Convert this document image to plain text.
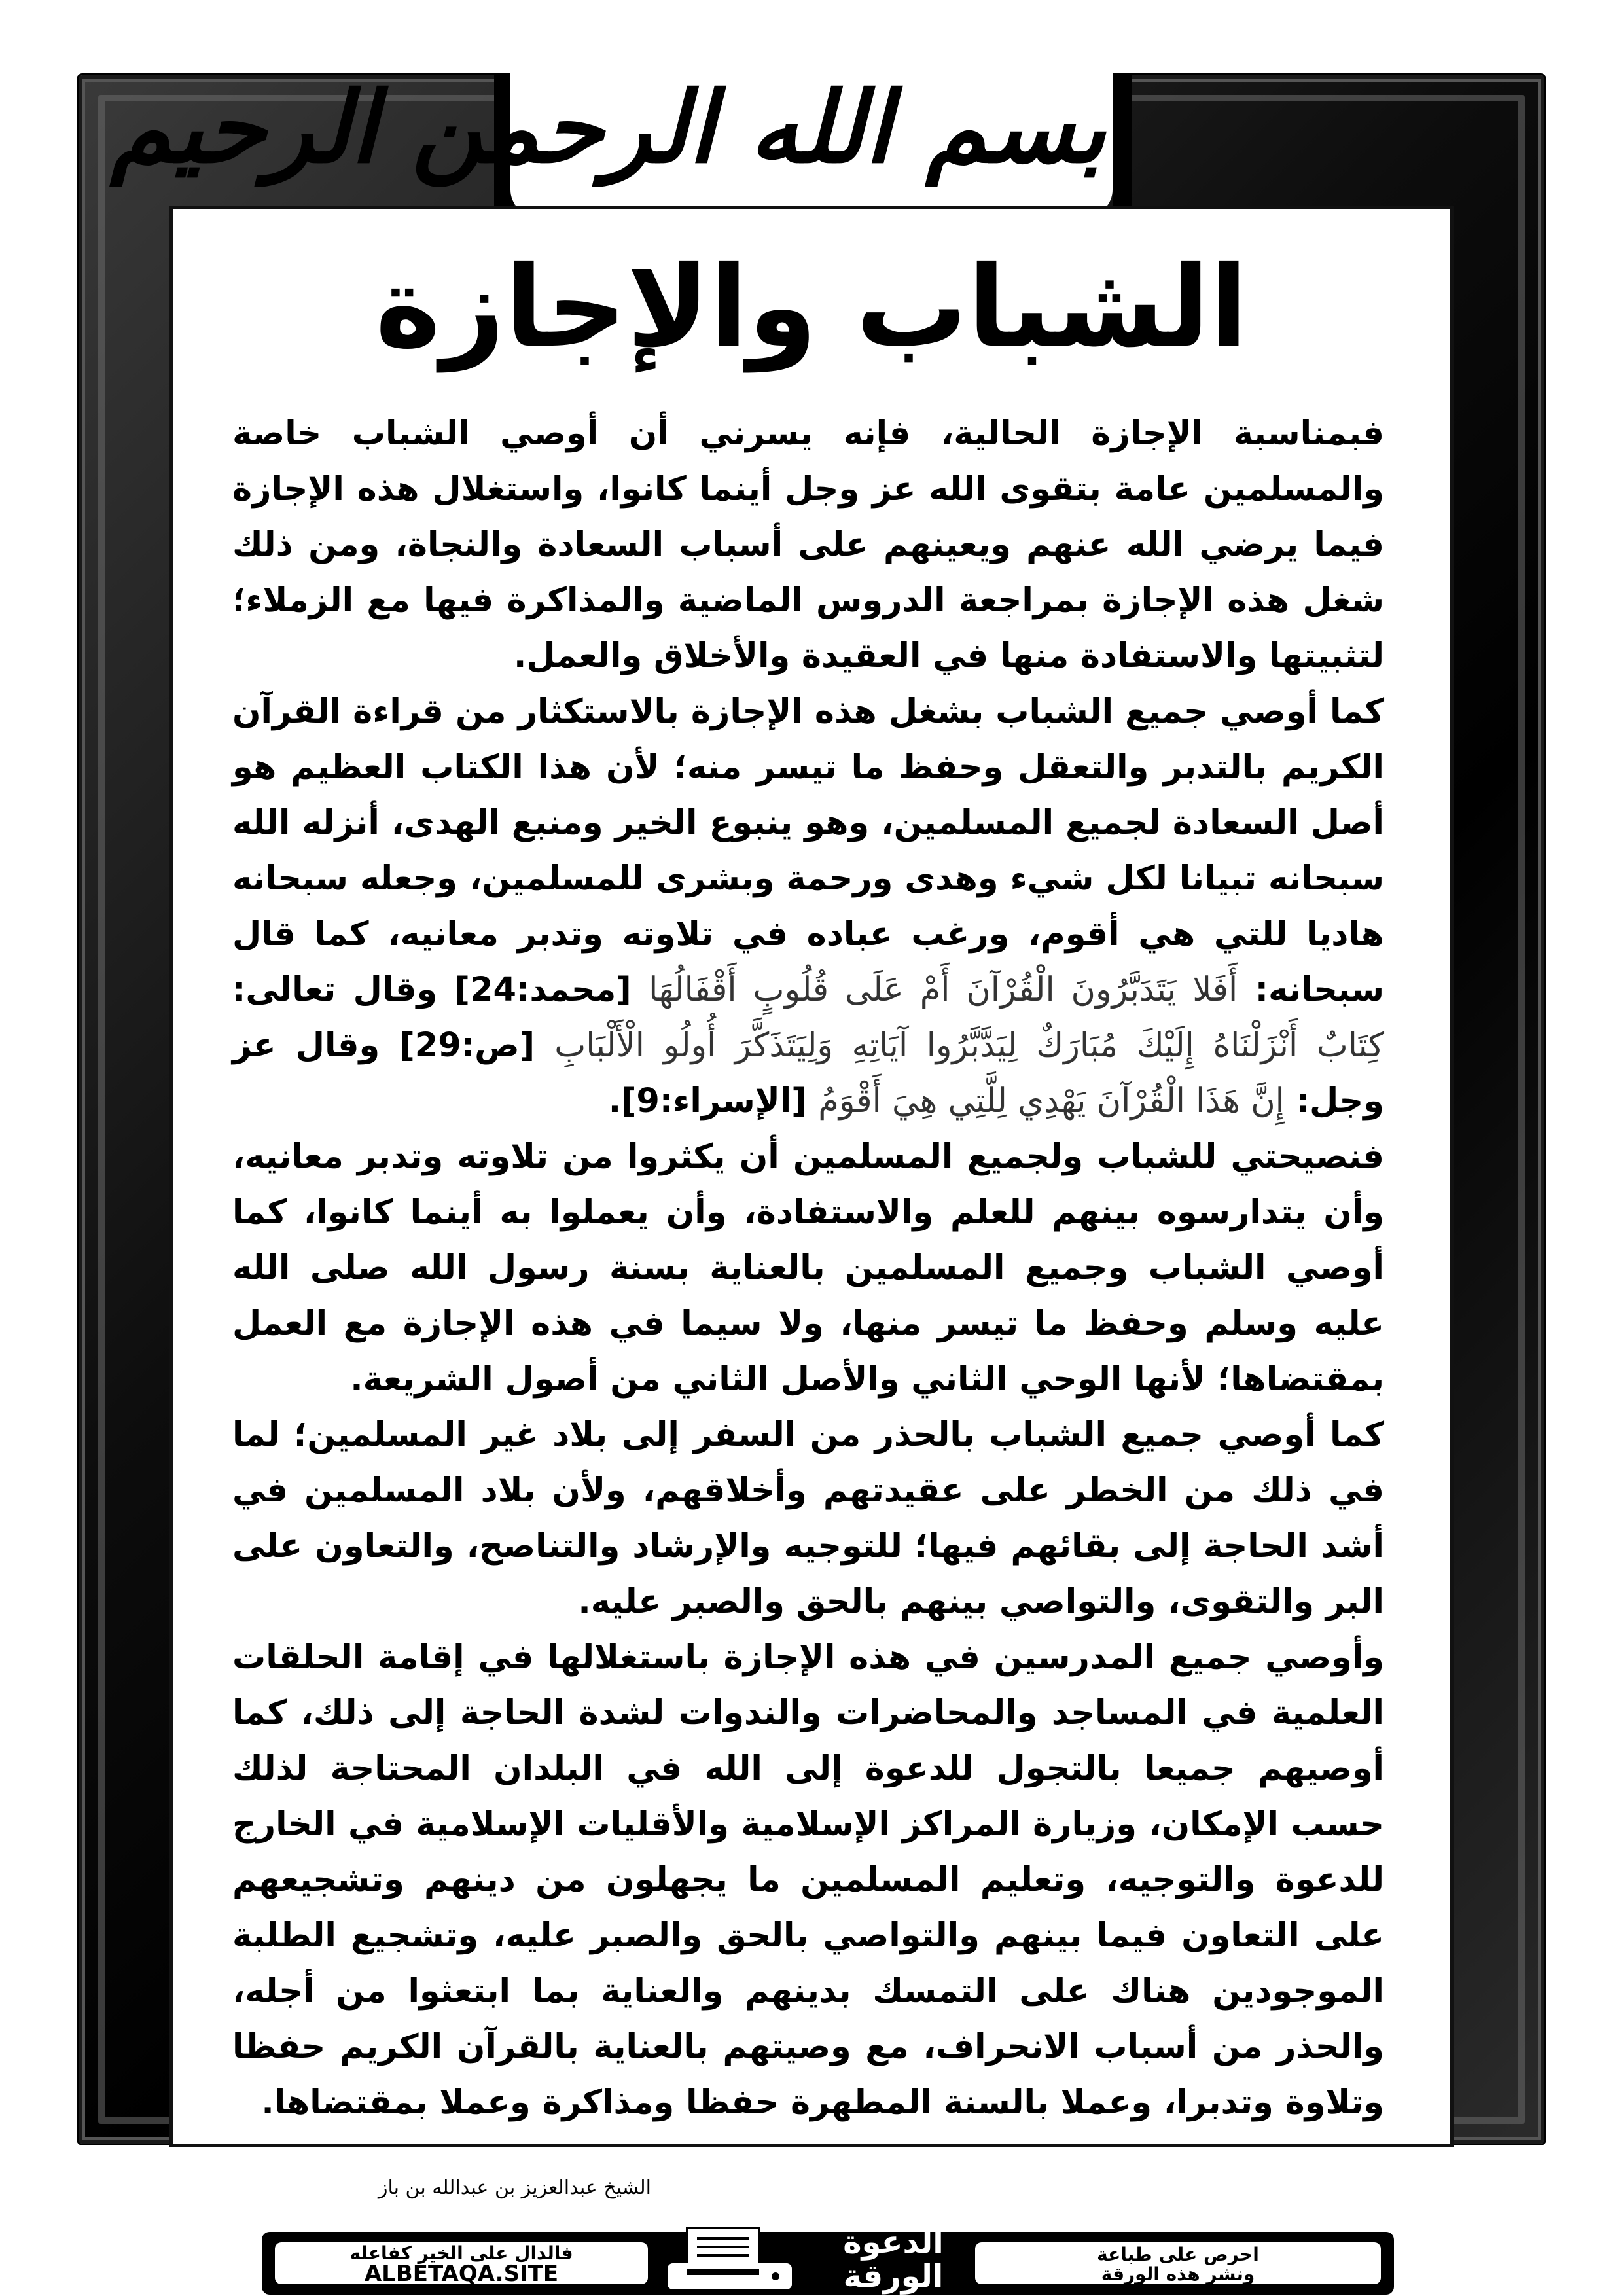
بسم الله الرحمن الرحيم
الشباب والإجازة

فبمناسبة الإجازة الحالية، فإنه يسرني أن أوصي الشباب خاصة والمسلمين عامة بتقوى الله عز وجل أينما كانوا، واستغلال هذه الإجازة فيما يرضي الله عنهم ويعينهم على أسباب السعادة والنجاة، ومن ذلك شغل هذه الإجازة بمراجعة الدروس الماضية والمذاكرة فيها مع الزملاء؛ لتثبيتها والاستفادة منها في العقيدة والأخلاق والعمل.

كما أوصي جميع الشباب بشغل هذه الإجازة بالاستكثار من قراءة القرآن الكريم بالتدبر والتعقل وحفظ ما تيسر منه؛ لأن هذا الكتاب العظيم هو أصل السعادة لجميع المسلمين، وهو ينبوع الخير ومنبع الهدى، أنزله الله سبحانه تبيانا لكل شيء وهدى ورحمة وبشرى للمسلمين، وجعله سبحانه هاديا للتي هي أقوم، ورغب عباده في تلاوته وتدبر معانيه، كما قال سبحانه: أَفَلا يَتَدَبَّرُونَ الْقُرْآنَ أَمْ عَلَى قُلُوبٍ أَقْفَالُهَا [محمد:24] وقال تعالى: كِتَابٌ أَنْزَلْنَاهُ إِلَيْكَ مُبَارَكٌ لِيَدَّبَّرُوا آيَاتِهِ وَلِيَتَذَكَّرَ أُولُو الْأَلْبَابِ [ص:29] وقال عز وجل: إِنَّ هَذَا الْقُرْآنَ يَهْدِي لِلَّتِي هِيَ أَقْوَمُ [الإسراء:9].

فنصيحتي للشباب ولجميع المسلمين أن يكثروا من تلاوته وتدبر معانيه، وأن يتدارسوه بينهم للعلم والاستفادة، وأن يعملوا به أينما كانوا، كما أوصي الشباب وجميع المسلمين بالعناية بسنة رسول الله صلى الله عليه وسلم وحفظ ما تيسر منها، ولا سيما في هذه الإجازة مع العمل بمقتضاها؛ لأنها الوحي الثاني والأصل الثاني من أصول الشريعة.

كما أوصي جميع الشباب بالحذر من السفر إلى بلاد غير المسلمين؛ لما في ذلك من الخطر على عقيدتهم وأخلاقهم، ولأن بلاد المسلمين في أشد الحاجة إلى بقائهم فيها؛ للتوجيه والإرشاد والتناصح، والتعاون على البر والتقوى، والتواصي بينهم بالحق والصبر عليه.

وأوصي جميع المدرسين في هذه الإجازة باستغلالها في إقامة الحلقات العلمية في المساجد والمحاضرات والندوات لشدة الحاجة إلى ذلك، كما أوصيهم جميعا بالتجول للدعوة إلى الله في البلدان المحتاجة لذلك حسب الإمكان، وزيارة المراكز الإسلامية والأقليات الإسلامية في الخارج للدعوة والتوجيه، وتعليم المسلمين ما يجهلون من دينهم وتشجيعهم على التعاون فيما بينهم والتواصي بالحق والصبر عليه، وتشجيع الطلبة الموجودين هناك على التمسك بدينهم والعناية بما ابتعثوا من أجله، والحذر من أسباب الانحراف، مع وصيتهم بالعناية بالقرآن الكريم حفظا وتلاوة وتدبرا، وعملا بالسنة المطهرة حفظا ومذاكرة وعملا بمقتضاها.

الشيخ عبدالعزيز بن عبدالله بن باز
احرص على طباعة
ونشر هذه الورقة
الدعوة
الورقة
فالدال على الخير كفاعله
ALBETAQA.SITE
